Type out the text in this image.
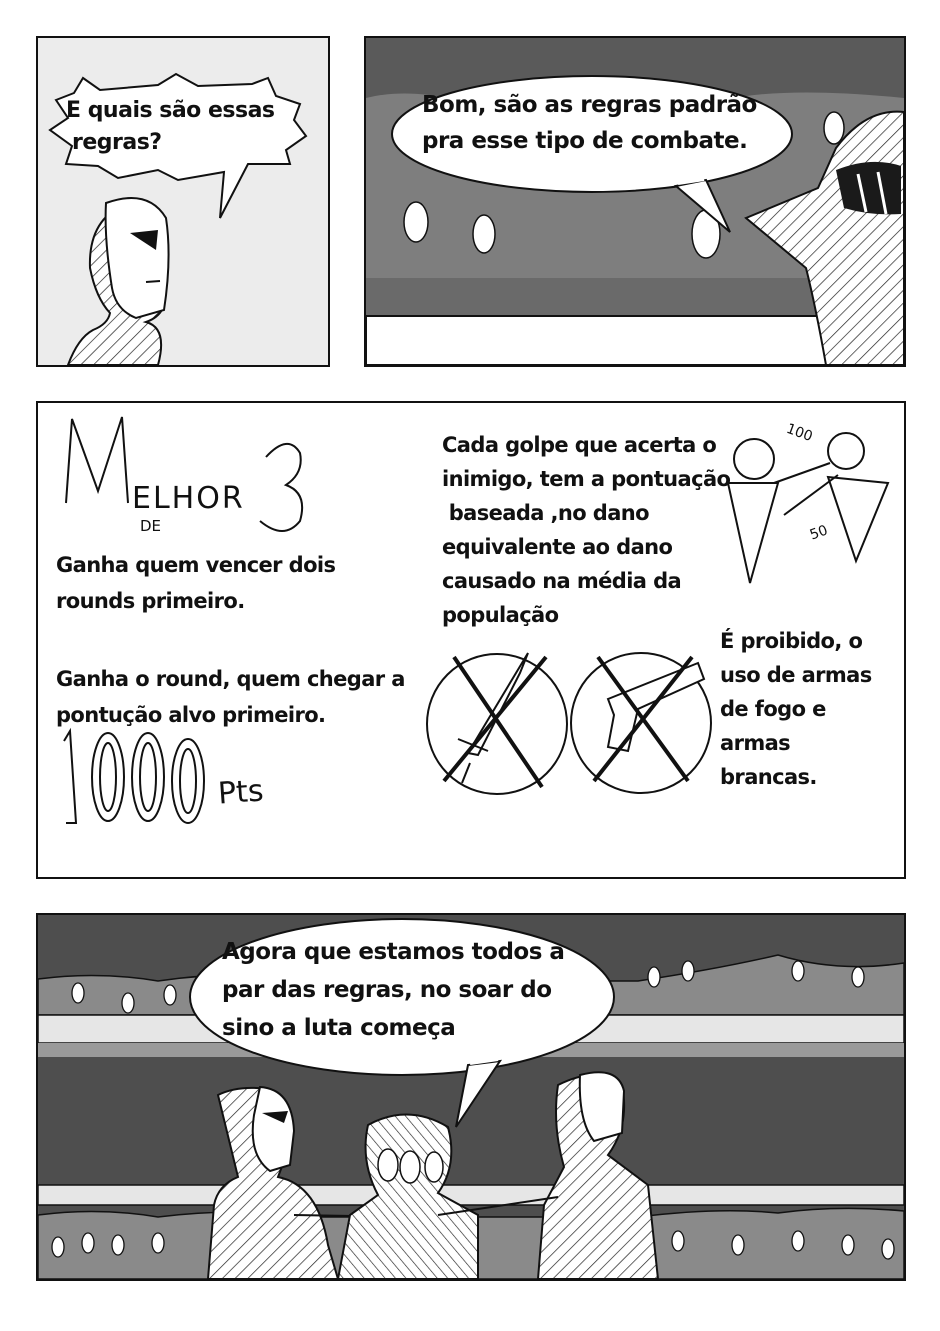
E quais são essas
regras?
Bom, são as regras padrão
pra esse tipo de combate.
ELHOR
DE
Ganha quem vencer dois
rounds primeiro.
Ganha o round, quem chegar a
pontução alvo primeiro.
Pts
Cada golpe que acerta o
inimigo, tem a pontuação
baseada ,no dano
equivalente ao dano
causado na média da
população
100
50
É proibido, o
uso de armas
de fogo e
armas
brancas.
Agora que estamos todos a
par das regras, no soar do
sino a luta começa
